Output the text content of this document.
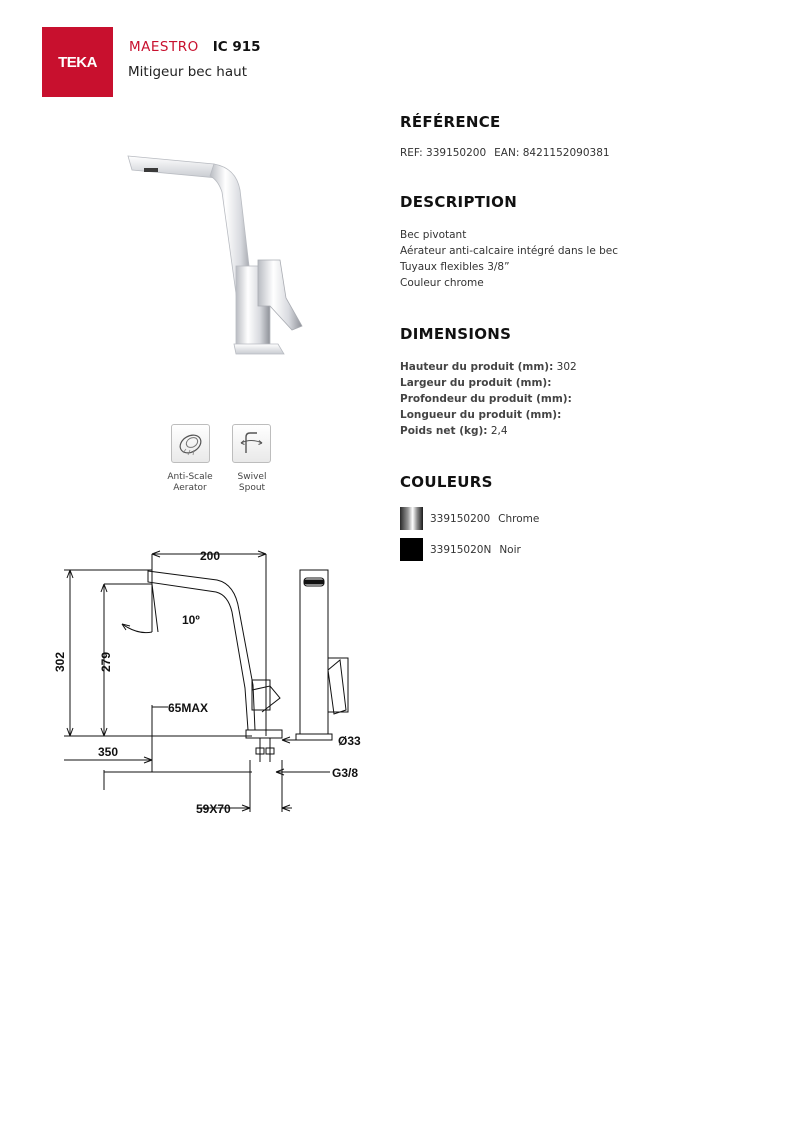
TEKA
MAESTRO IC 915
Mitigeur bec haut
Anti-Scale
Aerator
Swivel
Spout
200
10º
302	279
65MAX
350
Ø33
G3/8
59X70
RÉFÉRENCE
REF: 339150200 EAN: 8421152090381
DESCRIPTION
Bec pivotant
Aérateur anti-calcaire intégré dans le bec
Tuyaux flexibles 3/8”
Couleur chrome
DIMENSIONS
Hauteur du produit (mm): 302
Largeur du produit (mm):
Profondeur du produit (mm):
Longueur du produit (mm):
Poids net (kg): 2,4
COULEURS
339150200 Chrome
33915020N Noir
